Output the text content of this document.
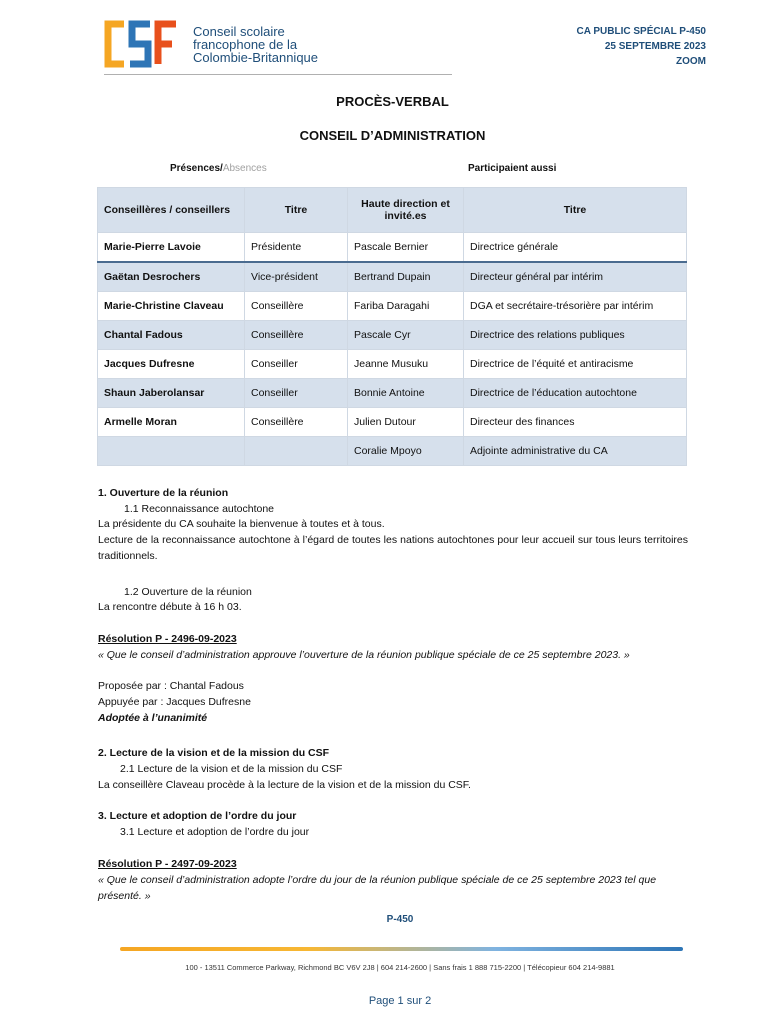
Conseil scolaire
francophone de la
Colombie-Britannique
CA PUBLIC SPÉCIAL P-450
25 SEPTEMBRE 2023
ZOOM
PROCÈS-VERBAL
CONSEIL D’ADMINISTRATION
Présences/Absences	Participaient aussi
Conseillères / conseillers	Titre	Haute direction et invité.es	Titre
Marie-Pierre Lavoie	Présidente	Pascale Bernier	Directrice générale
Gaëtan Desrochers	Vice-président	Bertrand Dupain	Directeur général par intérim
Marie-Christine Claveau	Conseillère	Fariba Daragahi	DGA et secrétaire-trésorière par intérim
Chantal Fadous	Conseillère	Pascale Cyr	Directrice des relations publiques
Jacques Dufresne	Conseiller	Jeanne Musuku	Directrice de l’équité et antiracisme
Shaun Jaberolansar	Conseiller	Bonnie Antoine	Directrice de l’éducation autochtone
Armelle Moran	Conseillère	Julien Dutour	Directeur des finances
		Coralie Mpoyo	Adjointe administrative du CA
1. Ouverture de la réunion
1.1 Reconnaissance autochtone
La présidente du CA souhaite la bienvenue à toutes et à tous.
Lecture de la reconnaissance autochtone à l’égard de toutes les nations autochtones pour leur accueil sur tous leurs territoires traditionnels.
1.2 Ouverture de la réunion
La rencontre débute à 16 h 03.
Résolution P - 2496-09-2023
« Que le conseil d’administration approuve l’ouverture de la réunion publique spéciale de ce 25 septembre 2023. »
Proposée par : Chantal Fadous
Appuyée par : Jacques Dufresne
Adoptée à l’unanimité
2. Lecture de la vision et de la mission du CSF
2.1 Lecture de la vision et de la mission du CSF
La conseillère Claveau procède à la lecture de la vision et de la mission du CSF.
3. Lecture et adoption de l’ordre du jour
3.1 Lecture et adoption de l’ordre du jour
Résolution P - 2497-09-2023
« Que le conseil d’administration adopte l’ordre du jour de la réunion publique spéciale de ce 25 septembre 2023 tel que présenté. »
P-450
100 - 13511 Commerce Parkway, Richmond BC V6V 2J8 | 604 214-2600 | Sans frais 1 888 715-2200 | Télécopieur 604 214-9881
Page 1 sur 2
